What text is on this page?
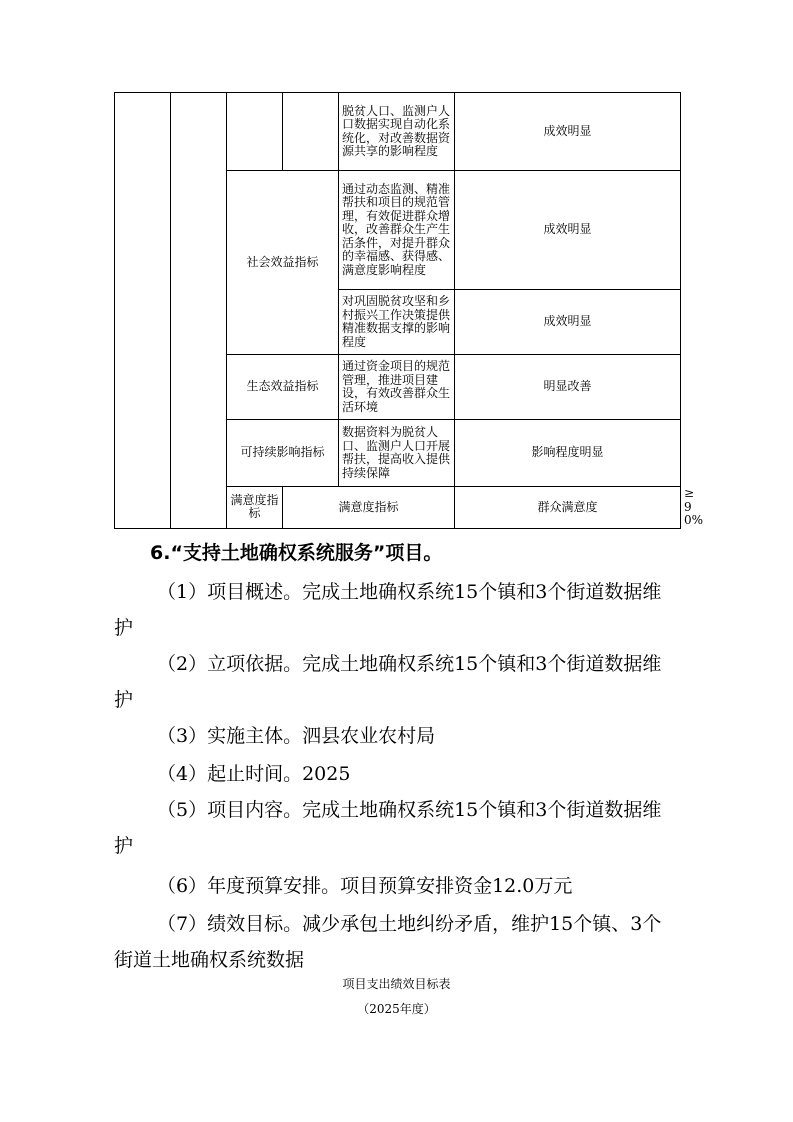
				脱贫人口、监测户人口数据实现自动化系统化，对改善数据资源共享的影响程度	成效明显	
		社会效益指标		通过动态监测、精准帮扶和项目的规范管理，有效促进群众增收，改善群众生产生活条件，对提升群众的幸福感、获得感、满意度影响程度	成效明显	
				对巩固脱贫攻坚和乡村振兴工作决策提供精准数据支撑的影响程度	成效明显	
		生态效益指标		通过资金项目的规范管理，推进项目建设，有效改善群众生活环境	明显改善	
		可持续影响指标		数据资料为脱贫人口、监测户人口开展帮扶，提高收入提供持续保障	影响程度明显	
		满意度指标	满意度指标		群众满意度	≥90%
6.“支持土地确权系统服务”项目。

（1）项目概述。完成土地确权系统15个镇和3个街道数据维护

（2）立项依据。完成土地确权系统15个镇和3个街道数据维护

（3）实施主体。泗县农业农村局

（4）起止时间。2025

（5）项目内容。完成土地确权系统15个镇和3个街道数据维护

（6）年度预算安排。项目预算安排资金12.0万元

（7）绩效目标。减少承包土地纠纷矛盾，维护15个镇、3个街道土地确权系统数据

项目支出绩效目标表
（2025年度）
